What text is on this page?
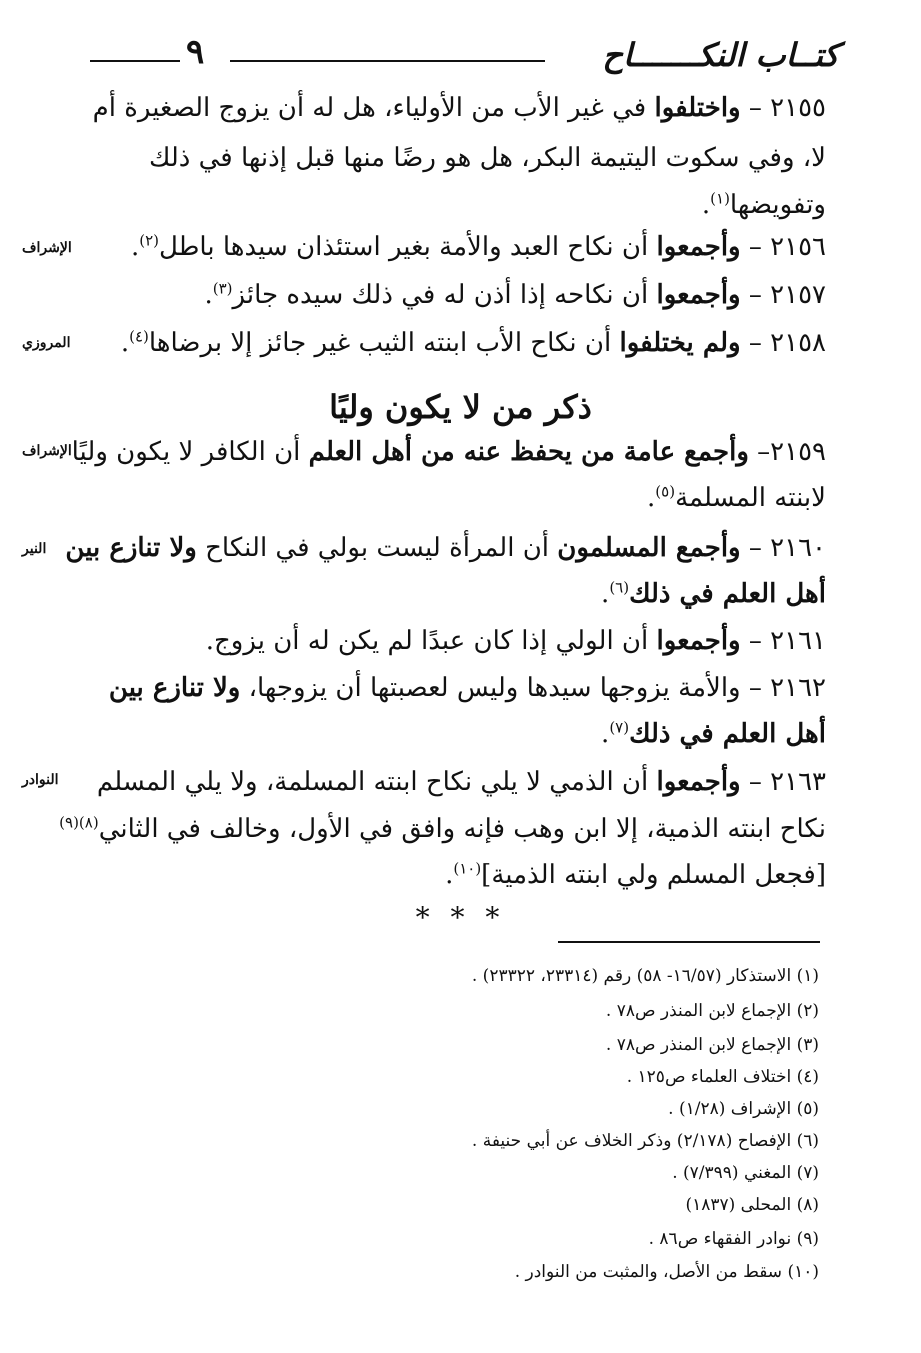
كتــاب النكـــــــاح
٩
٢١٥٥ – واختلفوا في غير الأب من الأولياء، هل له أن يزوج الصغيرة أم
لا، وفي سكوت اليتيمة البكر، هل هو رضًا منها قبل إذنها في ذلك
وتفويضها$^{(١)}$.
٢١٥٦ – وأجمعوا أن نكاح العبد والأمة بغير استئذان سيدها باطل$^{(٢)}$.
٢١٥٧ – وأجمعوا أن نكاحه إذا أذن له في ذلك سيده جائز$^{(٣)}$.
٢١٥٨ – ولم يختلفوا أن نكاح الأب ابنته الثيب غير جائز إلا برضاها$^{(٤)}$.
ذكر من لا يكون وليًا
٢١٥٩– وأجمع عامة من يحفظ عنه من أهل العلم أن الكافر لا يكون وليًا
لابنته المسلمة$^{(٥)}$.
٢١٦٠ – وأجمع المسلمون أن المرأة ليست بولي في النكاح ولا تنازع بين
أهل العلم في ذلك$^{(٦)}$.
٢١٦١ – وأجمعوا أن الولي إذا كان عبدًا لم يكن له أن يزوج.
٢١٦٢ – والأمة يزوجها سيدها وليس لعصبتها أن يزوجها، ولا تنازع بين
أهل العلم في ذلك$^{(٧)}$.
٢١٦٣ – وأجمعوا أن الذمي لا يلي نكاح ابنته المسلمة، ولا يلي المسلم
نكاح ابنته الذمية، إلا ابن وهب فإنه وافق في الأول، وخالف في الثاني$^{(٨)(٩)}$
[فجعل المسلم ولي ابنته الذمية]$^{(١٠)}$.
الإشراف
المروزي
الإشراف
النير
النوادر
* * *
(١) الاستذكار (١٦/٥٧- ٥٨) رقم (٢٣٣١٤، ٢٣٣٢٢) .
(٢) الإجماع لابن المنذر ص٧٨ .
(٣) الإجماع لابن المنذر ص٧٨ .
(٤) اختلاف العلماء ص١٢٥ .
(٥) الإشراف (١/٢٨) .
(٦) الإفصاح (٢/١٧٨) وذكر الخلاف عن أبي حنيفة .
(٧) المغني (٧/٣٩٩) .
(٨) المحلى (١٨٣٧)
(٩) نوادر الفقهاء ص٨٦ .
(١٠) سقط من الأصل، والمثبت من النوادر .
